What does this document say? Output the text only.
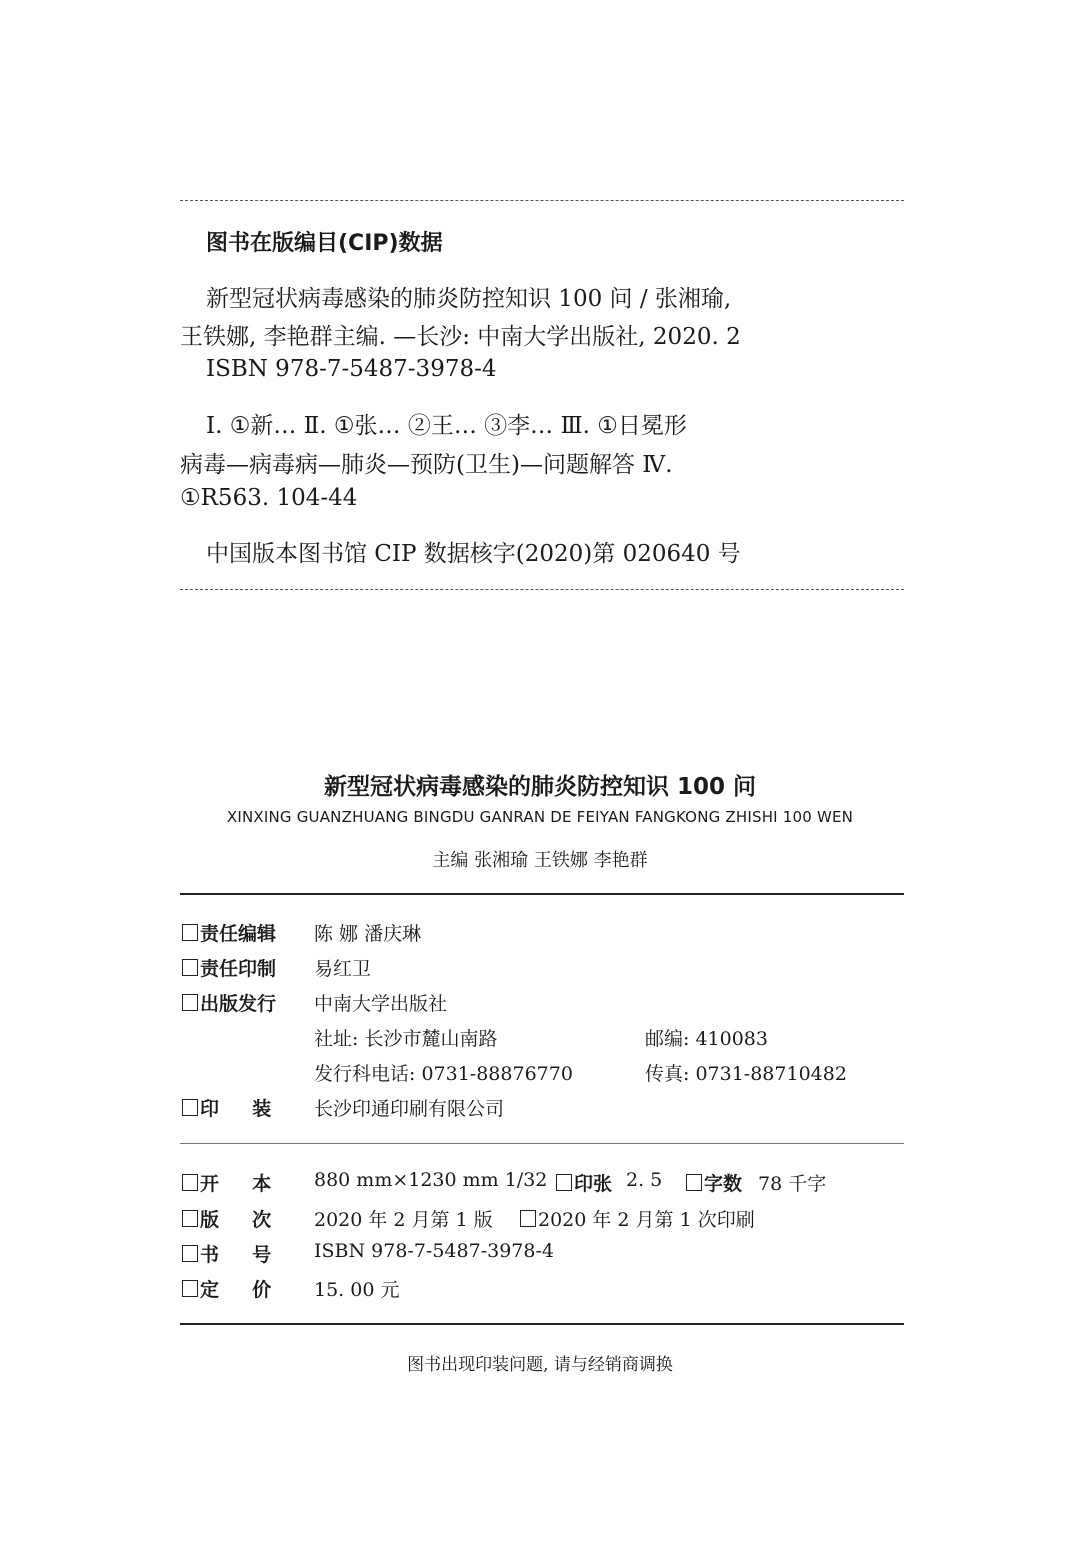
图书在版编目(CIP)数据
新型冠状病毒感染的肺炎防控知识 100 问 / 张湘瑜,
王铁娜, 李艳群主编. —长沙: 中南大学出版社, 2020. 2
ISBN 978-7-5487-3978-4
Ⅰ. ①新… Ⅱ. ①张… ②王… ③李… Ⅲ. ①日冕形
病毒—病毒病—肺炎—预防(卫生)—问题解答 Ⅳ.
①R563. 104-44
中国版本图书馆 CIP 数据核字(2020)第 020640 号
新型冠状病毒感染的肺炎防控知识 100 问
XINXING GUANZHUANG BINGDU GANRAN DE FEIYAN FANGKONG ZHISHI 100 WEN
主编 张湘瑜 王铁娜 李艳群
责任编辑 陈 娜 潘庆琳
责任印制 易红卫
出版发行 中南大学出版社
社址: 长沙市麓山南路	邮编: 410083
发行科电话: 0731-88876770	传真: 0731-88710482
印     装 长沙印通印刷有限公司
开     本 880 mm×1230 mm 1/32	印张 2. 5	字数 78 千字
版     次 2020 年 2 月第 1 版	2020 年 2 月第 1 次印刷
书     号 ISBN 978-7-5487-3978-4
定     价 15. 00 元
图书出现印装问题, 请与经销商调换
